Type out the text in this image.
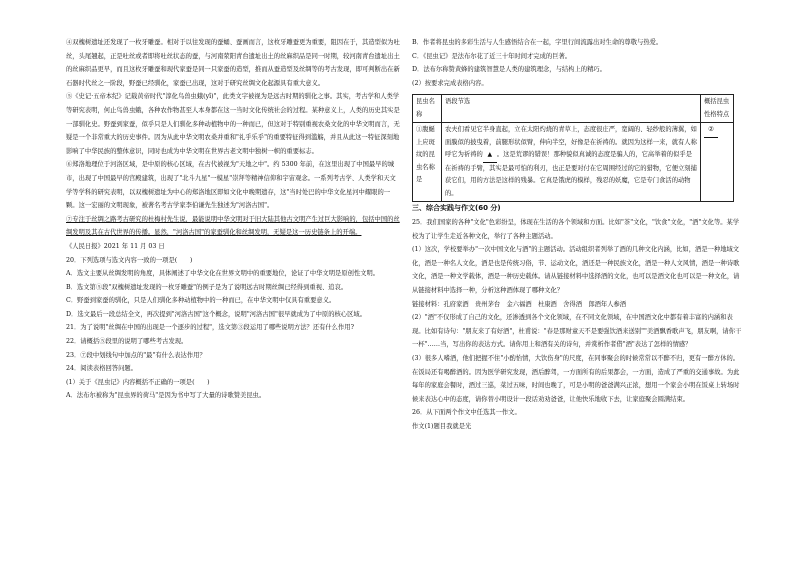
④双槐树遗址还发现了一枚牙雕蚕。相对于以往发现的蚕蛹、蚕画而言，这枚牙雕蚕更为重要，阻因在于，其造型似为吐丝，头尾翘起，正是吐丝或者即将吐丝状态的蚕，与河南荥阳青台遗址出土的丝麻织品是同一时期，较河南青台遗址出土的丝麻织品更早，而且这枚牙雕蚕和现代家蚕是同一只家蚕的造型，推而从蚕造型及丝绸等的考古发现，即可判断出在新石器时代丝之一阶段，野蚕已经驯化，家蚕已出现，这对于研究丝绸文化起源具有重大意义。

⑤《史记·五帝本纪》记载黄帝时代"淳化鸟兽虫蛾(yǐ)"，此类文字被视为是远古时期的驯化之事。其实，考古学和人类学等研究表明，何止鸟兽虫蛾，各种农作物甚至人本身都在这一当时文化传统社会的过程。某种意义上，人类的历史其实是一部驯化史。野蚕到家蚕，似乎只是人们驯化多种动植物中的一种而已，但这对于特别重视农桑文化的中华文明而言，无疑是一个非常重大的历史事件。因为从此中华文明农桑并重和"礼乎乐乎"的重要特征得到滥觞，并且从此这一特征深刻地影响了中华民族的整体意识，同时也成为中华文明在世界古老文明中独树一帜的重要标志。

⑥郑洛地理位于河洛区域，是中原的核心区域，在古代被视为"天地之中"。约 5300 年前，在这里出现了中国最早的城市，出现了中国最早的宫殿建筑，出现了"北斗九星"一模星"崇拜等精神信仰和宇宙观念。一系列考古学、人类学和天文学等学科的研究表明，以双槐树遗址为中心的郑洛地区即如文化中晚期遗存，这"当时处巴的中华文化星河中耀眼的一颗。这一宏丽的文明现象，被著名考古学家李伯谦先生独述为"河洛古国"。

⑦专注于丝绸之路考古研究的杜梅村先生说，最能说明中华文明对于旧大陆其他古文明产生过巨大影响的，包括中国的丝绸发明及其在古代世界的传播。显然，"河洛古国"的家蚕驯化和丝绸发明，无疑是这一历史链条上的开端。

《人民日报》2021 年 11 月 03 日

20．下列选项与选文内容一致的一项是(　　)

A．选文主要从丝绸发明的角度，具体阐述了中华文化在世界文明中的重要地位，论证了中华文明是原创性文明。

B．选文第⑤段"双槐树遗址发现的一枚牙雕蚕"的例子是为了说明远古时期丝绸已经得到重视、追哀。

C．野蚕到家蚕的驯化，只是人们驯化多种动植物中的一种而已，在中华文明中仅具有重要意义。

D．选文最后一段总结全文，再次提到"河洛古国"这个概念，说明"河洛古国"很早就成为了中原的核心区域。

21．为了说明"丝绸在中国的出现是一个逐步的过程"，选文第③段运用了哪些说明方法？还有什么作用?

22．请概括⑤段里的说明了哪些考古发现。

23．⑦段中划线句中加点的"最"有什么表达作用？

24．阅读表格回答问题。

(1）关于《昆虫记》内容概括不正确的一项是(　　)

A．法布尔被称为"昆虫界的荷马"是因为书中写了大量的诗歌赞美昆虫。

B．作者将昆虫的多彩生活与人生感悟结合在一起，字里行间流露出对生命的尊敬与热爱。

C．《昆虫记》是法布尔花了近三十年时间才完成的巨著。

D．法布尔称赞黄蜂的建筑智慧是人类的建筑理念，与结构上的精巧。

(2）按要求完成表格内容。

昆虫名称	语段节选	概括昆虫性格特点
①腹蜒上应斑纹的昆虫名称是	农夫们看见它半身直起，立在太阳灼烧的青草上，态度很庄严，宽阔的、轻纱般的薄翼，如面膜似的披曳着，前腿形状似臂，伸向半空，好像是在祈祷的。就因为这样一来，就有人称呼它为祈祷的 ▲ 。这是荒谬的错误！那种貌似真诚的态度是骗人的，它高举着的似乎是在祈祷的手臂，其实是最可怕的利刃，也正是要对付在它周围经过的它的猎物，它便立刻捕获它们，用的方法是这样的残暴。它真是饿虎的模样，残忍的妖魔，它是专门食活的动物的。	②

三、综合实践与作文(60 分)

25．我们国家的各种"文化"色彩纷呈，体现在生活的各个领域和方面。比如"茶"文化，"饮食"文化，"酒"文化等。某学校为了让学生走近各种文化，举行了各种主题活动。

(1）这次，学校要举办"一次中国文化与酒"的主题活动。活动组织者列举了酒的几种文化内涵，比如，酒是一种地域文化，酒是一种名人文化，酒是也是传统习俗，节、运动文化，酒还是一种民族文化，酒是一种人文风情，酒是一种诗歌文化，酒是一种文学载体，酒是一种历史载体。请从链接材料中选择酒的文化，也可以是酒文化也可以是一种文化，请从链接材料中选择一种，分析这种酒体现了哪种文化？

链接材料：孔府家酒　贵州茅台　金六福酒　杜康酒　舍得酒　郎酒年人参酒

(2）"酒"不仅形成了自己的文化，还渗透到各个文化领域，在不同文化领域，在中国酒文化中都有着丰富的内涵和表现。比如有诗句："朋友来了有好酒"，杜甫说："春是那财童天不是要强饮酒来送别""美酒飘香歌声飞，朋友啊，请你干一杯"……当，写出你的表达方式。请你用上和酒有关的诗句，并赏析作者借"酒"表达了怎样的情感？

(3）很多人嗜酒，他们把握不住"小酌怡情，大饮伤身"的尺度，在同事聚会的时候常常以不醉不归，更有一醉方休的。在饭局还有喝醉酒的。因为医学研究发现，酒后醉驾，一方面所有的后果都会，一方面，造成了严重的交通事故。为此每年的家庭会餐时，酒过三巡，菜过五味，时间也晚了，可是小明的爸爸满兴正浓，想用一个家会小明在饭桌上转场时候来表达心中的态度，请你替小明设计一段话劝劝爸爸，让他快乐地收下去，让家庭聚会圆满结束。

26．从下面两个作文中任选其一作文。

作文(1)题目我就是光
